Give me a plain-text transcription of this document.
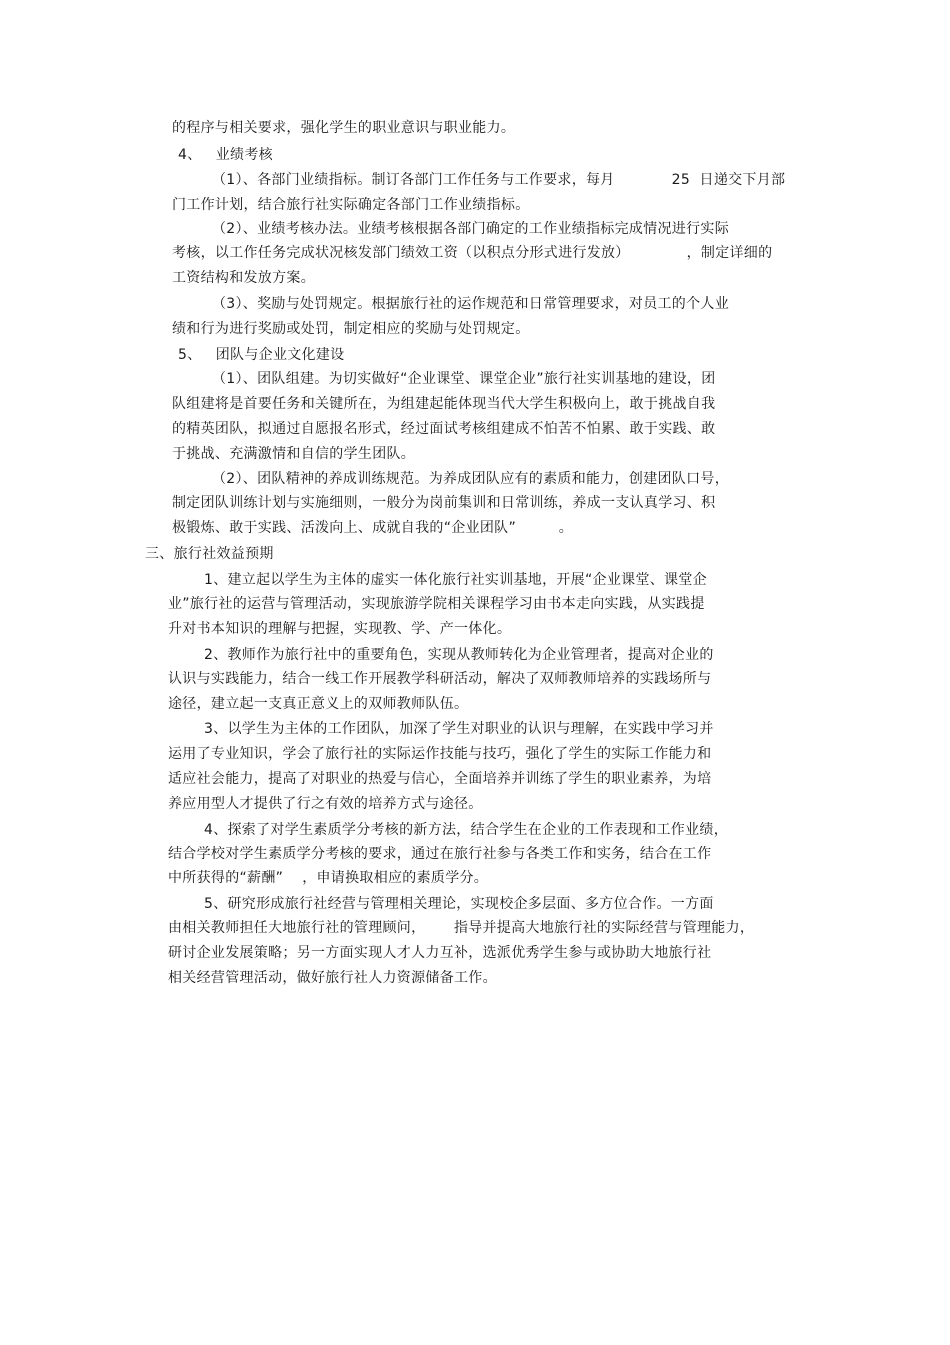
的程序与相关要求，强化学生的职业意识与职业能力。
4、   业绩考核
（1）、各部门业绩指标。制订各部门工作任务与工作要求，每月            25  日递交下月部
门工作计划，结合旅行社实际确定各部门工作业绩指标。
（2）、业绩考核办法。业绩考核根据各部门确定的工作业绩指标完成情况进行实际
考核，以工作任务完成状况核发部门绩效工资（以积点分形式进行发放）            ，制定详细的
工资结构和发放方案。
（3）、奖励与处罚规定。根据旅行社的运作规范和日常管理要求，对员工的个人业
绩和行为进行奖励或处罚，制定相应的奖励与处罚规定。
5、   团队与企业文化建设
（1）、团队组建。为切实做好“企业课堂、课堂企业”旅行社实训基地的建设，团
队组建将是首要任务和关键所在，为组建起能体现当代大学生积极向上，敢于挑战自我
的精英团队，拟通过自愿报名形式，经过面试考核组建成不怕苦不怕累、敢于实践、敢
于挑战、充满激情和自信的学生团队。
（2）、团队精神的养成训练规范。为养成团队应有的素质和能力，创建团队口号，
制定团队训练计划与实施细则，一般分为岗前集训和日常训练，养成一支认真学习、积
极锻炼、敢于实践、活泼向上、成就自我的“企业团队”         。
三、旅行社效益预期
1、建立起以学生为主体的虚实一体化旅行社实训基地，开展“企业课堂、课堂企
业”旅行社的运营与管理活动，实现旅游学院相关课程学习由书本走向实践，从实践提
升对书本知识的理解与把握，实现教、学、产一体化。
2、教师作为旅行社中的重要角色，实现从教师转化为企业管理者，提高对企业的
认识与实践能力，结合一线工作开展教学科研活动，解决了双师教师培养的实践场所与
途径，建立起一支真正意义上的双师教师队伍。
3、以学生为主体的工作团队，加深了学生对职业的认识与理解，在实践中学习并
运用了专业知识，学会了旅行社的实际运作技能与技巧，强化了学生的实际工作能力和
适应社会能力，提高了对职业的热爱与信心，全面培养并训练了学生的职业素养，为培
养应用型人才提供了行之有效的培养方式与途径。
4、探索了对学生素质学分考核的新方法，结合学生在企业的工作表现和工作业绩，
结合学校对学生素质学分考核的要求，通过在旅行社参与各类工作和实务，结合在工作
中所获得的“薪酬”    ，申请换取相应的素质学分。
5、研究形成旅行社经营与管理相关理论，实现校企多层面、多方位合作。一方面
由相关教师担任大地旅行社的管理顾问，      指导并提高大地旅行社的实际经营与管理能力，
研讨企业发展策略；另一方面实现人才人力互补，选派优秀学生参与或协助大地旅行社
相关经营管理活动，做好旅行社人力资源储备工作。
